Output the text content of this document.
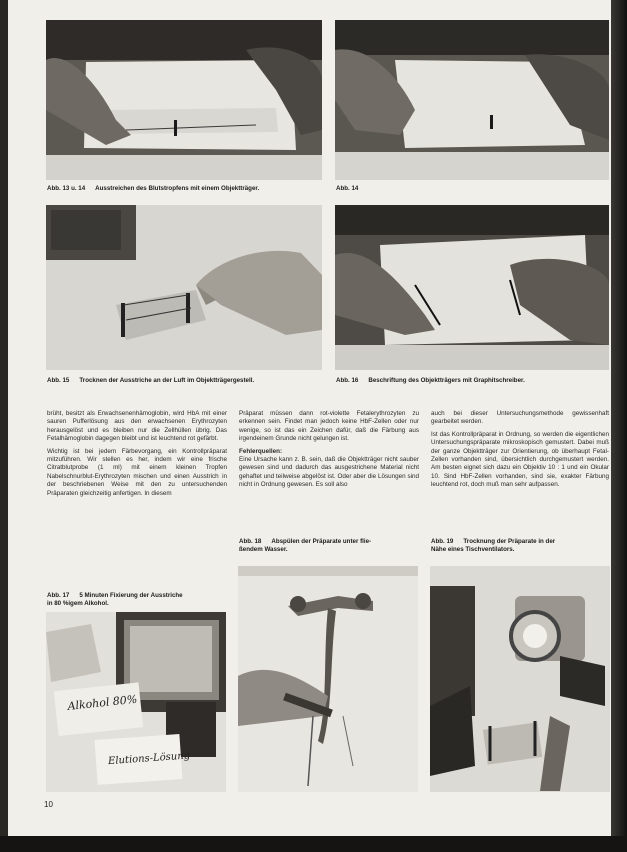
Abb. 13 u. 14 Ausstreichen des Blutstropfens mit einem Objektträger.	Abb. 14
Abb. 15 Trocknen der Ausstriche an der Luft im Objektträgergestell.	Abb. 16 Beschriftung des Objektträgers mit Graphitschreiber.

brüht, besitzt als Erwachsenenhämoglobin, wird HbA mit einer sauren Pufferlösung aus den erwachsenen Erythrozyten herausgelöst und es bleiben nur die Zellhüllen übrig. Das Fetalhämoglobin dagegen bleibt und ist leuchtend rot gefärbt.

Wichtig ist bei jedem Färbevorgang, ein Kontrollpräparat mitzuführen. Wir stellen es her, indem wir eine frische Citratblutprobe (1 ml) mit einem kleinen Tropfen Nabelschnurblut-Erythrozyten mischen und einen Ausstrich in der beschriebenen Weise mit den zu untersuchenden Präparaten gleichzeitig anfertigen. In diesem

Präparat müssen dann rot-violette Fetalerythrozyten zu erkennen sein. Findet man jedoch keine HbF-Zellen oder nur wenige, so ist das ein Zeichen dafür, daß die Färbung aus irgendeinem Grunde nicht gelungen ist.

Fehlerquellen:

Eine Ursache kann z. B. sein, daß die Objektträger nicht sauber gewesen sind und dadurch das ausgestrichene Material nicht gehaftet und teilweise abgelöst ist. Oder aber die Lösungen sind nicht in Ordnung gewesen. Es soll also

auch bei dieser Untersuchungsmethode gewissenhaft gearbeitet werden.

Ist das Kontrollpräparat in Ordnung, so werden die eigentlichen Untersuchungspräparate mikroskopisch gemustert. Dabei muß der ganze Objektträger zur Orientierung, ob überhaupt Fetal-Zellen vorhanden sind, übersichtlich durchgemustert werden. Am besten eignet sich dazu ein Objektiv 10 : 1 und ein Okular 10. Sind HbF-Zellen vorhanden, sind sie, exakter Färbung leuchtend rot, doch muß man sehr aufpassen.

Abb. 18 Abspülen der Präparate unter flie-
ßendem Wasser.
Abb. 19 Trocknung der Präparate in der
Nähe eines Tischventilators.
Abb. 17 5 Minuten Fixierung der Ausstriche
in 80 %igem Alkohol.
Alkohol 80%
Elutions-Lösung
10
